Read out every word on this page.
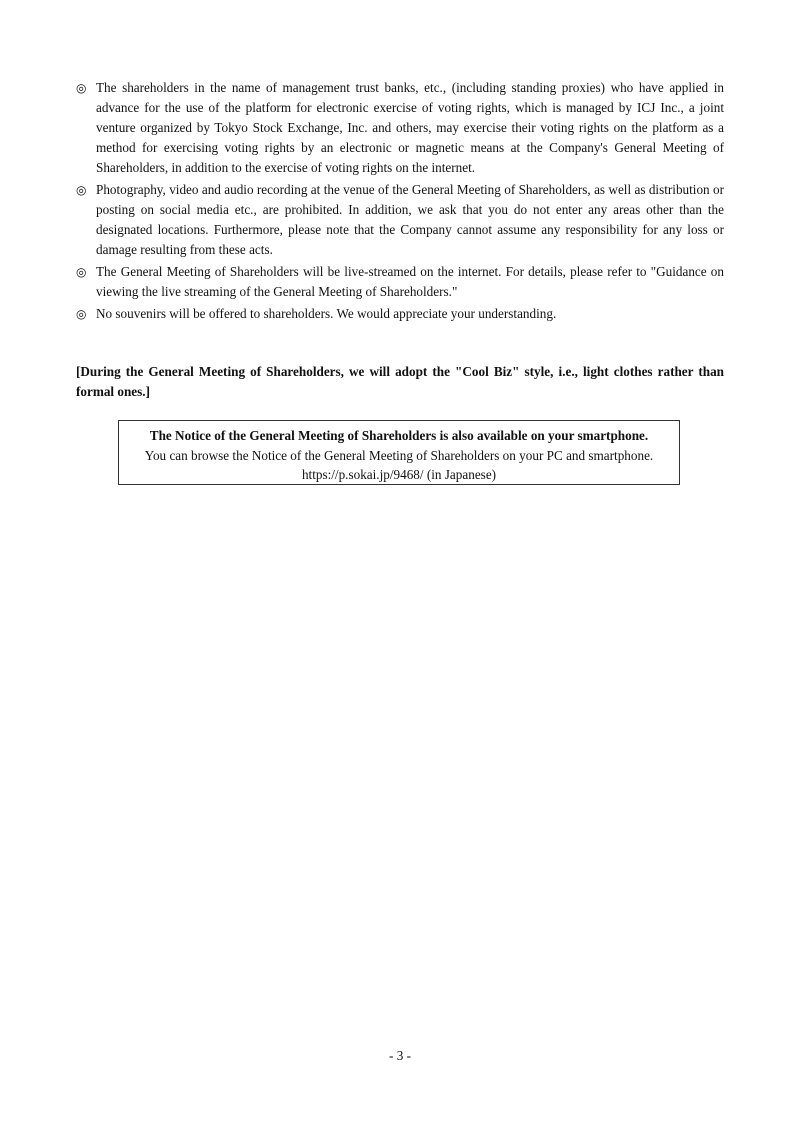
◎ The shareholders in the name of management trust banks, etc., (including standing proxies) who have applied in advance for the use of the platform for electronic exercise of voting rights, which is managed by ICJ Inc., a joint venture organized by Tokyo Stock Exchange, Inc. and others, may exercise their voting rights on the platform as a method for exercising voting rights by an electronic or magnetic means at the Company's General Meeting of Shareholders, in addition to the exercise of voting rights on the internet.
◎ Photography, video and audio recording at the venue of the General Meeting of Shareholders, as well as distribution or posting on social media etc., are prohibited. In addition, we ask that you do not enter any areas other than the designated locations. Furthermore, please note that the Company cannot assume any responsibility for any loss or damage resulting from these acts.
◎ The General Meeting of Shareholders will be live-streamed on the internet. For details, please refer to "Guidance on viewing the live streaming of the General Meeting of Shareholders."
◎ No souvenirs will be offered to shareholders. We would appreciate your understanding.
[During the General Meeting of Shareholders, we will adopt the "Cool Biz" style, i.e., light clothes rather than formal ones.]
The Notice of the General Meeting of Shareholders is also available on your smartphone.
You can browse the Notice of the General Meeting of Shareholders on your PC and smartphone.
https://p.sokai.jp/9468/ (in Japanese)
- 3 -
